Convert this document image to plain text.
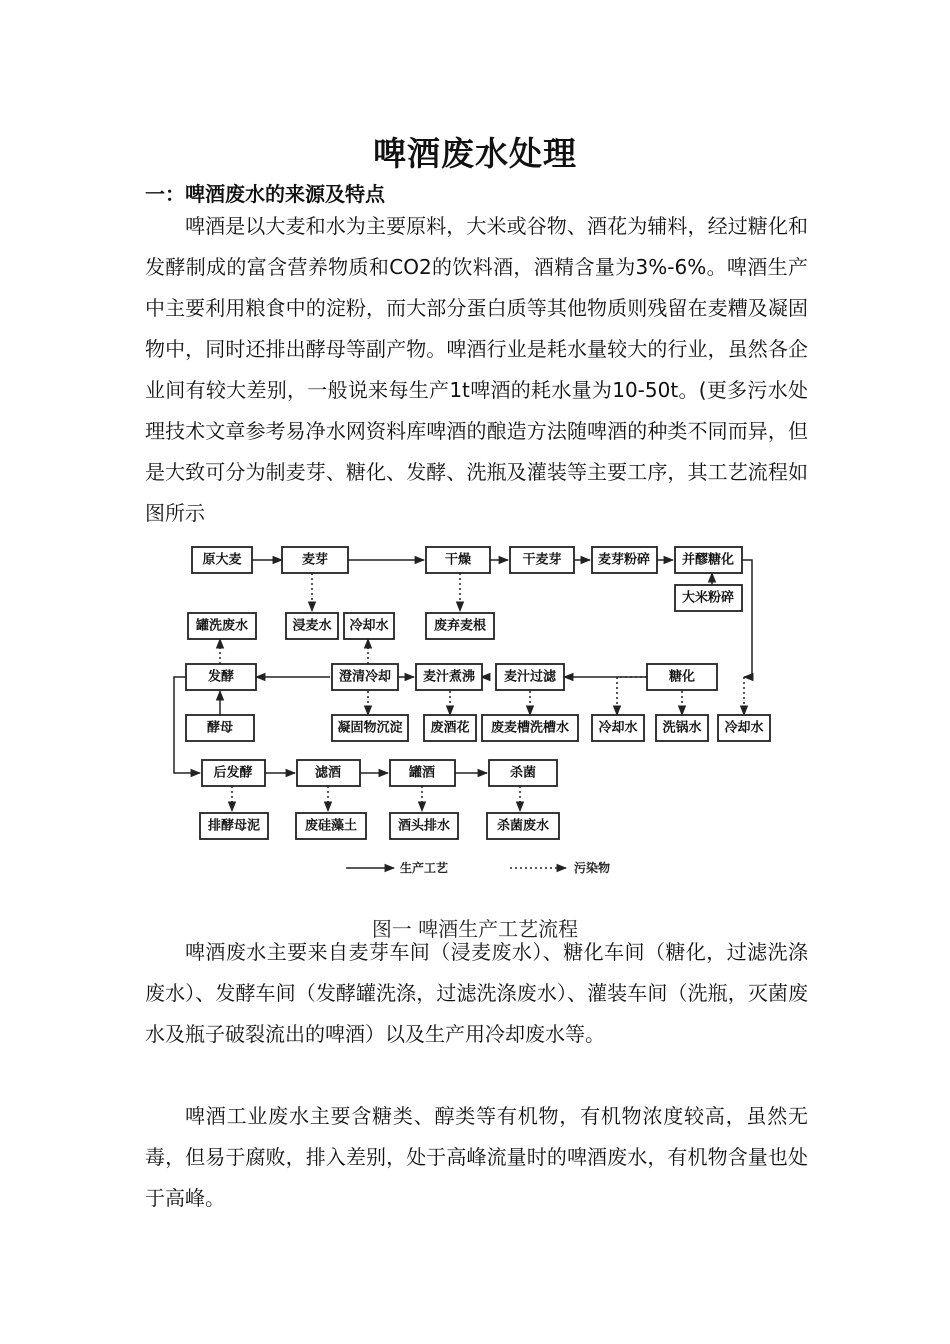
啤酒废水处理
一：啤酒废水的来源及特点
啤酒是以大麦和水为主要原料，大米或谷物、酒花为辅料，经过糖化和发酵制成的富含营养物质和CO2的饮料酒，酒精含量为3%-6%。啤酒生产中主要利用粮食中的淀粉，而大部分蛋白质等其他物质则残留在麦糟及凝固物中，同时还排出酵母等副产物。啤酒行业是耗水量较大的行业，虽然各企业间有较大差别，一般说来每生产1t啤酒的耗水量为10-50t。(更多污水处理技术文章参考易净水网资料库啤酒的酿造方法随啤酒的种类不同而异，但是大致可分为制麦芽、糖化、发酵、洗瓶及灌装等主要工序，其工艺流程如图所示
原大麦	麦芽	干燥	干麦芽	麦芽粉碎 并醪糖化
大米粉碎
罐洗废水	浸麦水 冷却水	废弃麦根
发酵	澄清冷却 麦汁煮沸 麦汁过滤	糖化
酵母	凝固物沉淀 废酒花 废麦槽洗槽水 冷却水 洗锅水 冷却水
后发酵	滤酒	罐酒	杀菌
排酵母泥	废硅藻土	酒头排水	杀菌废水
生产工艺	污染物
图一 啤酒生产工艺流程
啤酒废水主要来自麦芽车间（浸麦废水）、糖化车间（糖化，过滤洗涤废水）、发酵车间（发酵罐洗涤，过滤洗涤废水）、灌装车间（洗瓶，灭菌废水及瓶子破裂流出的啤酒）以及生产用冷却废水等。
啤酒工业废水主要含糖类、醇类等有机物，有机物浓度较高，虽然无毒，但易于腐败，排入差别，处于高峰流量时的啤酒废水，有机物含量也处于高峰。
